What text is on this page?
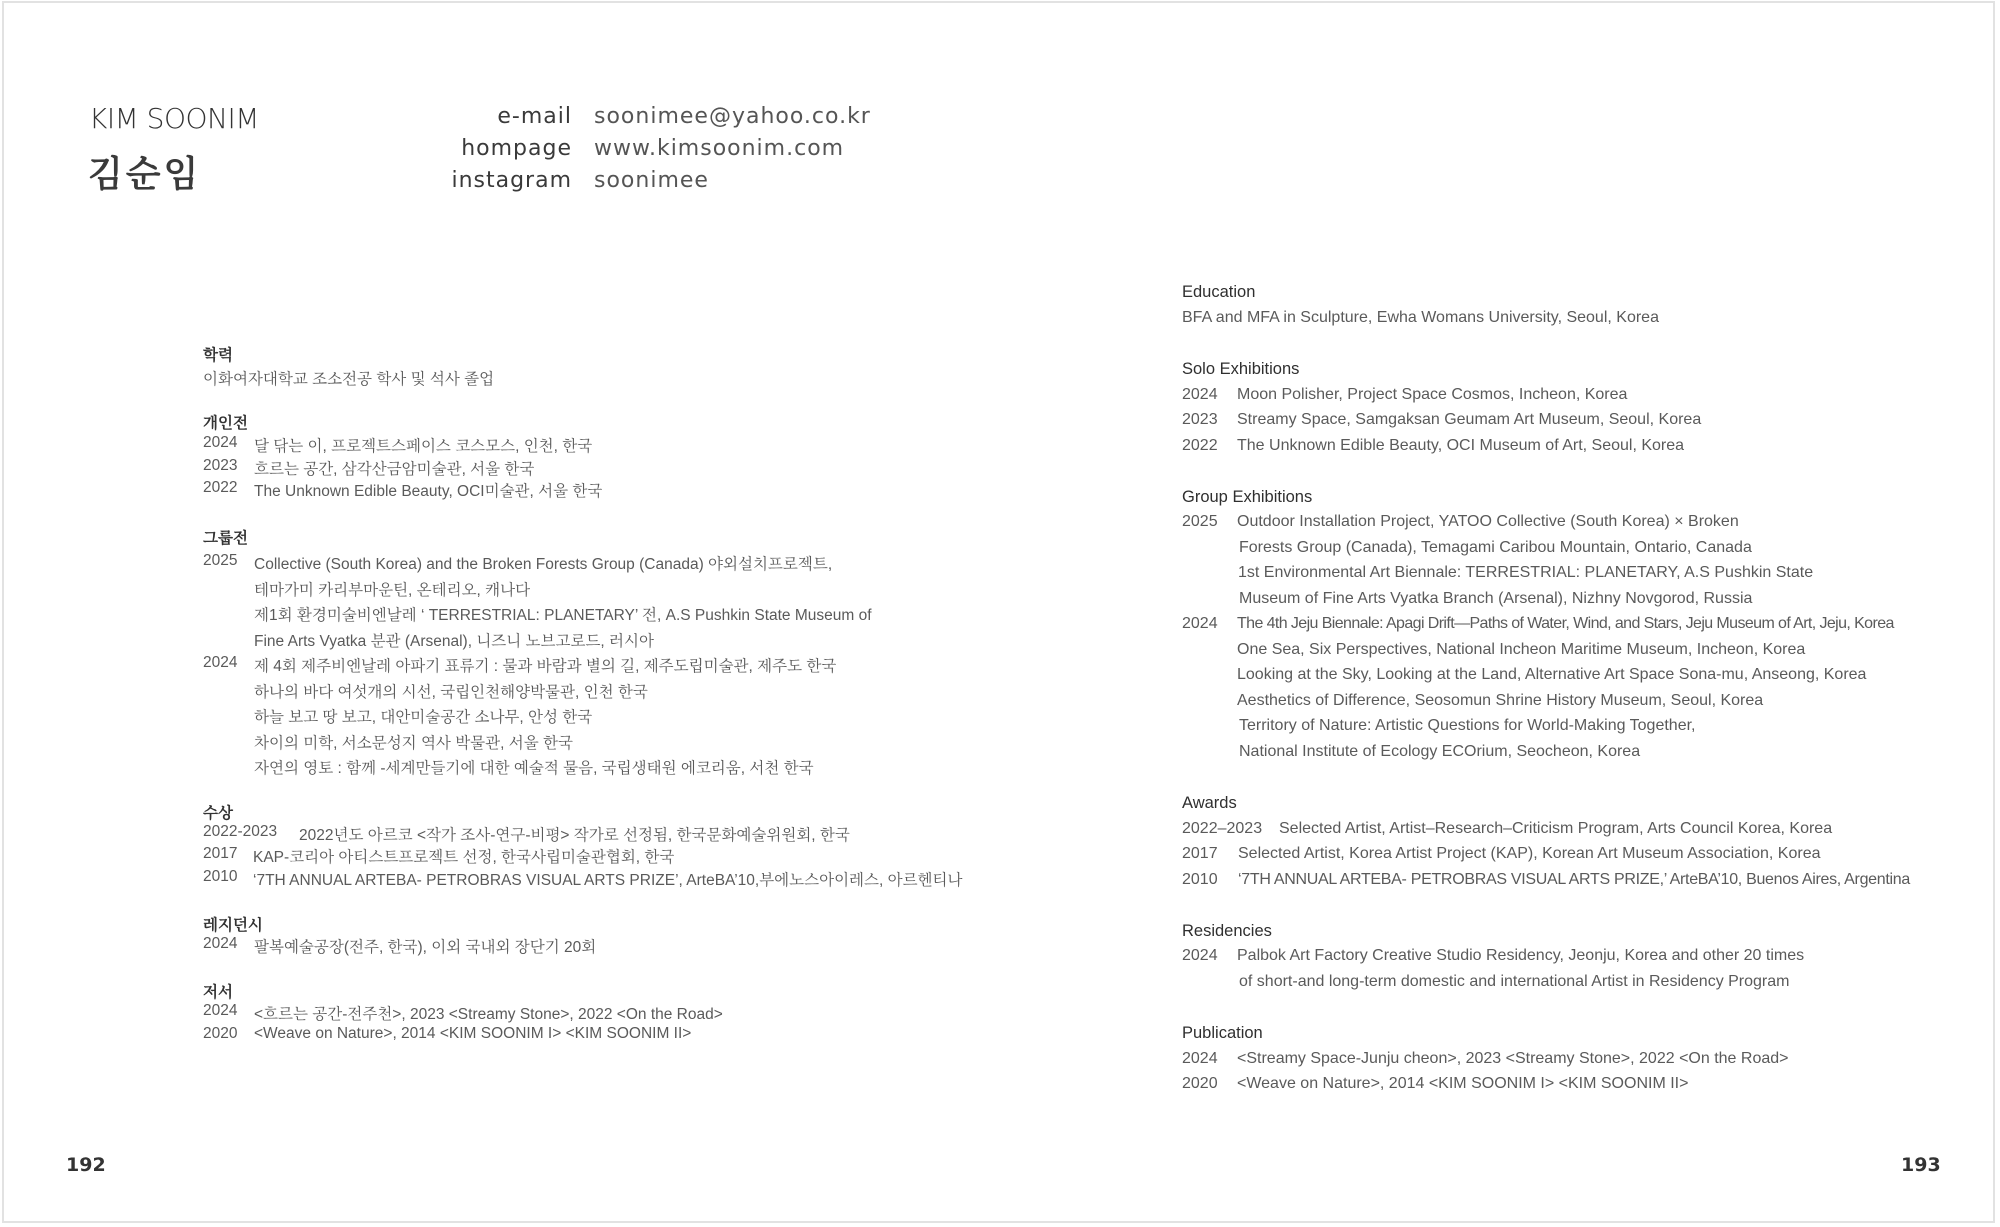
KIM SOONIM
김순임
e-mail soonimee@yahoo.co.kr
hompage www.kimsoonim.com
instagram soonimee
학력
이화여자대학교 조소전공 학사 및 석사 졸업
개인전
2024 달 닦는 이, 프로젝트스페이스 코스모스, 인천, 한국
2023 흐르는 공간, 삼각산금암미술관, 서울 한국
2022 The Unknown Edible Beauty, OCI미술관, 서울 한국
그룹전
2025 Collective (South Korea) and the Broken Forests Group (Canada) 야외설치프로젝트,
테마가미 카리부마운틴, 온테리오, 캐나다
제1회 환경미술비엔날레 ‘ TERRESTRIAL: PLANETARY’ 전, A.S Pushkin State Museum of
Fine Arts Vyatka 분관 (Arsenal), 니즈니 노브고로드, 러시아
2024 제 4회 제주비엔날레 아파기 표류기 : 물과 바람과 별의 길, 제주도립미술관, 제주도 한국
하나의 바다 여섯개의 시선, 국립인천해양박물관, 인천 한국
하늘 보고 땅 보고, 대안미술공간 소나무, 안성 한국
차이의 미학, 서소문성지 역사 박물관, 서울 한국
자연의 영토 : 함께 -세계만들기에 대한 예술적 물음, 국립생태원 에코리움, 서천 한국
수상
2022-2023 2022년도 아르코 <작가 조사-연구-비평> 작가로 선정됨, 한국문화예술위원회, 한국
2017 KAP-코리아 아티스트프로젝트 선정, 한국사립미술관협회, 한국
2010 ‘7TH ANNUAL ARTEBA- PETROBRAS VISUAL ARTS PRIZE’, ArteBA’10,부에노스아이레스, 아르헨티나
레지던시
2024 팔복예술공장(전주, 한국), 이외 국내외 장단기 20회
저서
2024 <흐르는 공간-전주천>, 2023 <Streamy Stone>, 2022 <On the Road>
2020 <Weave on Nature>, 2014 <KIM SOONIM I> <KIM SOONIM II>
Education
BFA and MFA in Sculpture, Ewha Womans University, Seoul, Korea
Solo Exhibitions
2024 Moon Polisher, Project Space Cosmos, Incheon, Korea
2023 Streamy Space, Samgaksan Geumam Art Museum, Seoul, Korea
2022 The Unknown Edible Beauty, OCI Museum of Art, Seoul, Korea
Group Exhibitions
2025 Outdoor Installation Project, YATOO Collective (South Korea) × Broken
Forests Group (Canada), Temagami Caribou Mountain, Ontario, Canada
1st Environmental Art Biennale: TERRESTRIAL: PLANETARY, A.S Pushkin State
Museum of Fine Arts Vyatka Branch (Arsenal), Nizhny Novgorod, Russia
2024 The 4th Jeju Biennale: Apagi Drift—Paths of Water, Wind, and Stars, Jeju Museum of Art, Jeju, Korea
One Sea, Six Perspectives, National Incheon Maritime Museum, Incheon, Korea
Looking at the Sky, Looking at the Land, Alternative Art Space Sona-mu, Anseong, Korea
Aesthetics of Difference, Seosomun Shrine History Museum, Seoul, Korea
Territory of Nature: Artistic Questions for World-Making Together,
National Institute of Ecology ECOrium, Seocheon, Korea
Awards
2022–2023 Selected Artist, Artist–Research–Criticism Program, Arts Council Korea, Korea
2017 Selected Artist, Korea Artist Project (KAP), Korean Art Museum Association, Korea
2010 ‘7TH ANNUAL ARTEBA- PETROBRAS VISUAL ARTS PRIZE,’ ArteBA’10, Buenos Aires, Argentina
Residencies
2024 Palbok Art Factory Creative Studio Residency, Jeonju, Korea and other 20 times
of short-and long-term domestic and international Artist in Residency Program
Publication
2024 <Streamy Space-Junju cheon>, 2023 <Streamy Stone>, 2022 <On the Road>
2020 <Weave on Nature>, 2014 <KIM SOONIM I> <KIM SOONIM II>
192	193
